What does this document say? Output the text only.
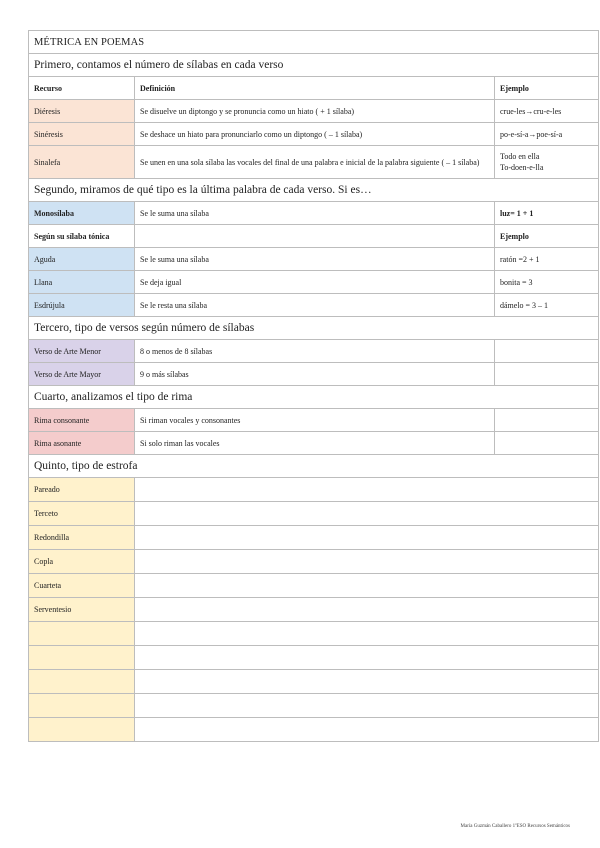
MÉTRICA EN POEMAS		
Primero, contamos el número de sílabas en cada verso		
Recurso	Definición	Ejemplo
Diéresis	Se disuelve un diptongo y se pronuncia como un hiato ( + 1 sílaba)	crue-les→cru-e-les
Sinéresis	Se deshace un hiato para pronunciarlo como un diptongo ( – 1 sílaba)	po-e-sí-a→poe-sí-a
Sinalefa	Se unen en una sola sílaba las vocales del final de una palabra e inicial de la palabra siguiente ( – 1 sílaba)	Todo en ella
To-doen-e-lla
Segundo, miramos de qué tipo es la última palabra de cada verso. Si es…		
Monosílaba	Se le suma una sílaba	luz= 1 + 1
Según su sílaba tónica		Ejemplo
Aguda	Se le suma una sílaba	ratón =2 + 1
Llana	Se deja igual	bonita = 3
Esdrújula	Se le resta una sílaba	dámelo = 3 – 1
Tercero, tipo de versos según número de sílabas		
Verso de Arte Menor	8 o menos de 8 sílabas	
Verso de Arte Mayor	9 o más sílabas	
Cuarto, analizamos el tipo de rima		
Rima consonante	Si riman vocales y consonantes	
Rima asonante	Si solo riman las vocales	
Quinto, tipo de estrofa		
Pareado		
Terceto		
Redondilla		
Copla		
Cuarteta		
Serventesio		

María Guzmán Caballero 1ºESO Recursos Semánticos
